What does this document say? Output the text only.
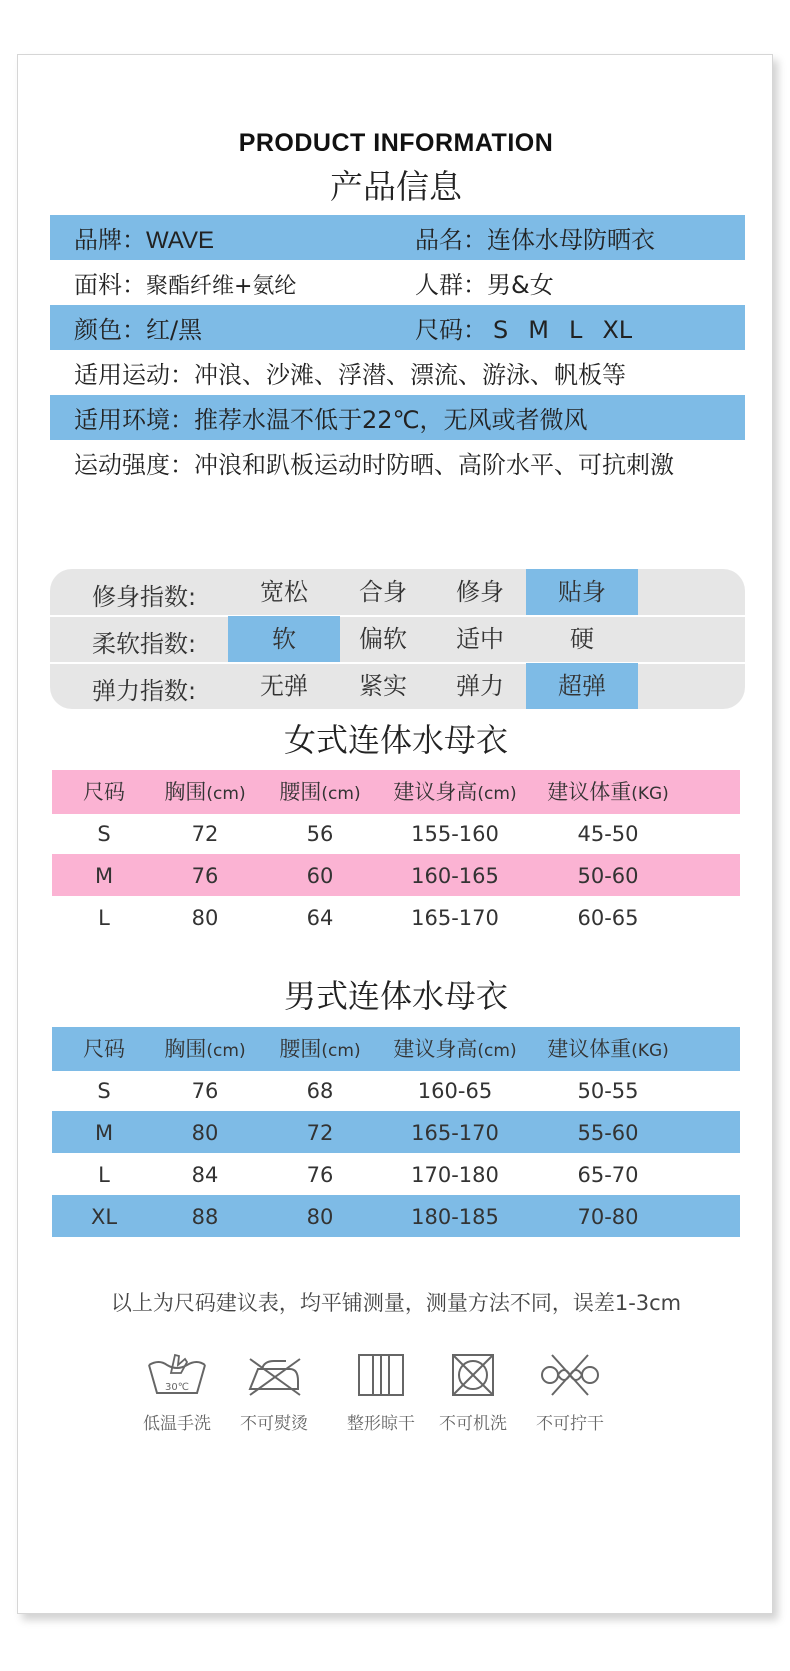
PRODUCT INFORMATION
产品信息
品牌：WAVE	品名：连体水母防晒衣
面料：聚酯纤维+氨纶	人群：男&女
颜色：红/黑	尺码： S M L XL
适用运动：冲浪、沙滩、浮潜、漂流、游泳、帆板等
适用环境：推荐水温不低于22℃，无风或者微风
运动强度：冲浪和趴板运动时防晒、高阶水平、可抗刺激
修身指数:	宽松	合身	修身	贴身
柔软指数:	软	偏软	适中	硬
弹力指数:	无弹	紧实	弹力	超弹
女式连体水母衣
尺码	胸围(cm)	腰围(cm)	建议身高(cm)	建议体重(KG)
S	72	56	155-160	45-50
M	76	60	160-165	50-60
L	80	64	165-170	60-65
男式连体水母衣
尺码	胸围(cm)	腰围(cm)	建议身高(cm)	建议体重(KG)
S	76	68	160-65	50-55
M	80	72	165-170	55-60
L	84	76	170-180	65-70
XL	88	80	180-185	70-80
以上为尺码建议表，均平铺测量，测量方法不同，误差1-3cm
30℃
低温手洗	不可熨烫	整形晾干	不可机洗	不可拧干
